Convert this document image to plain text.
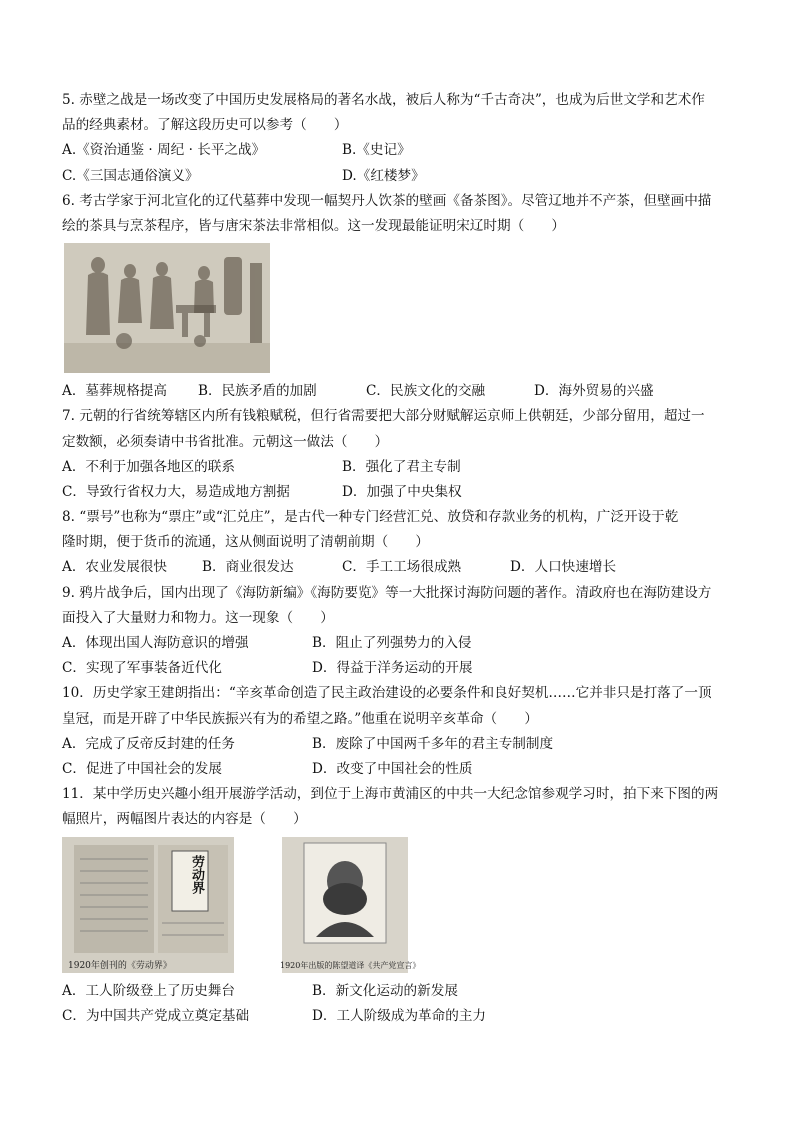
5. 赤壁之战是一场改变了中国历史发展格局的著名水战，被后人称为“千古奇决”，也成为后世文学和艺术作
品的经典素材。了解这段历史可以参考（　　）
A.《资治通鉴 · 周纪 · 长平之战》	B.《史记》
C.《三国志通俗演义》	D.《红楼梦》
6. 考古学家于河北宣化的辽代墓葬中发现一幅契丹人饮茶的壁画《备茶图》。尽管辽地并不产茶，但壁画中描
绘的茶具与烹茶程序，皆与唐宋茶法非常相似。这一发现最能证明宋辽时期（　　）
A．墓葬规格提高	B．民族矛盾的加剧	C．民族文化的交融	D．海外贸易的兴盛
7. 元朝的行省统筹辖区内所有钱粮赋税，但行省需要把大部分财赋解运京师上供朝廷，少部分留用，超过一
定数额，必须奏请中书省批准。元朝这一做法（　　）
A．不利于加强各地区的联系	B．强化了君主专制
C．导致行省权力大，易造成地方割据	D．加强了中央集权
8. “票号”也称为“票庄”或“汇兑庄”，是古代一种专门经营汇兑、放贷和存款业务的机构，广泛开设于乾
隆时期，便于货币的流通，这从侧面说明了清朝前期（　　）
A．农业发展很快	B．商业很发达	C．手工工场很成熟	D．人口快速增长
9. 鸦片战争后，国内出现了《海防新编》《海防要览》等一大批探讨海防问题的著作。清政府也在海防建设方
面投入了大量财力和物力。这一现象（　　）
A．体现出国人海防意识的增强	B．阻止了列强势力的入侵
C．实现了军事装备近代化	D．得益于洋务运动的开展
10．历史学家王建朗指出：“辛亥革命创造了民主政治建设的必要条件和良好契机……它并非只是打落了一顶
皇冠，而是开辟了中华民族振兴有为的希望之路。”他重在说明辛亥革命（　　）
A．完成了反帝反封建的任务	B．废除了中国两千多年的君主专制制度
C．促进了中国社会的发展	D．改变了中国社会的性质
11．某中学历史兴趣小组开展游学活动，到位于上海市黄浦区的中共一大纪念馆参观学习时，拍下来下图的两
幅照片，两幅图片表达的内容是（　　）
劳动界
1920年创刊的《劳动界》	1920年出版的陈望道译《共产党宣言》
A．工人阶级登上了历史舞台	B．新文化运动的新发展
C．为中国共产党成立奠定基础	D．工人阶级成为革命的主力
